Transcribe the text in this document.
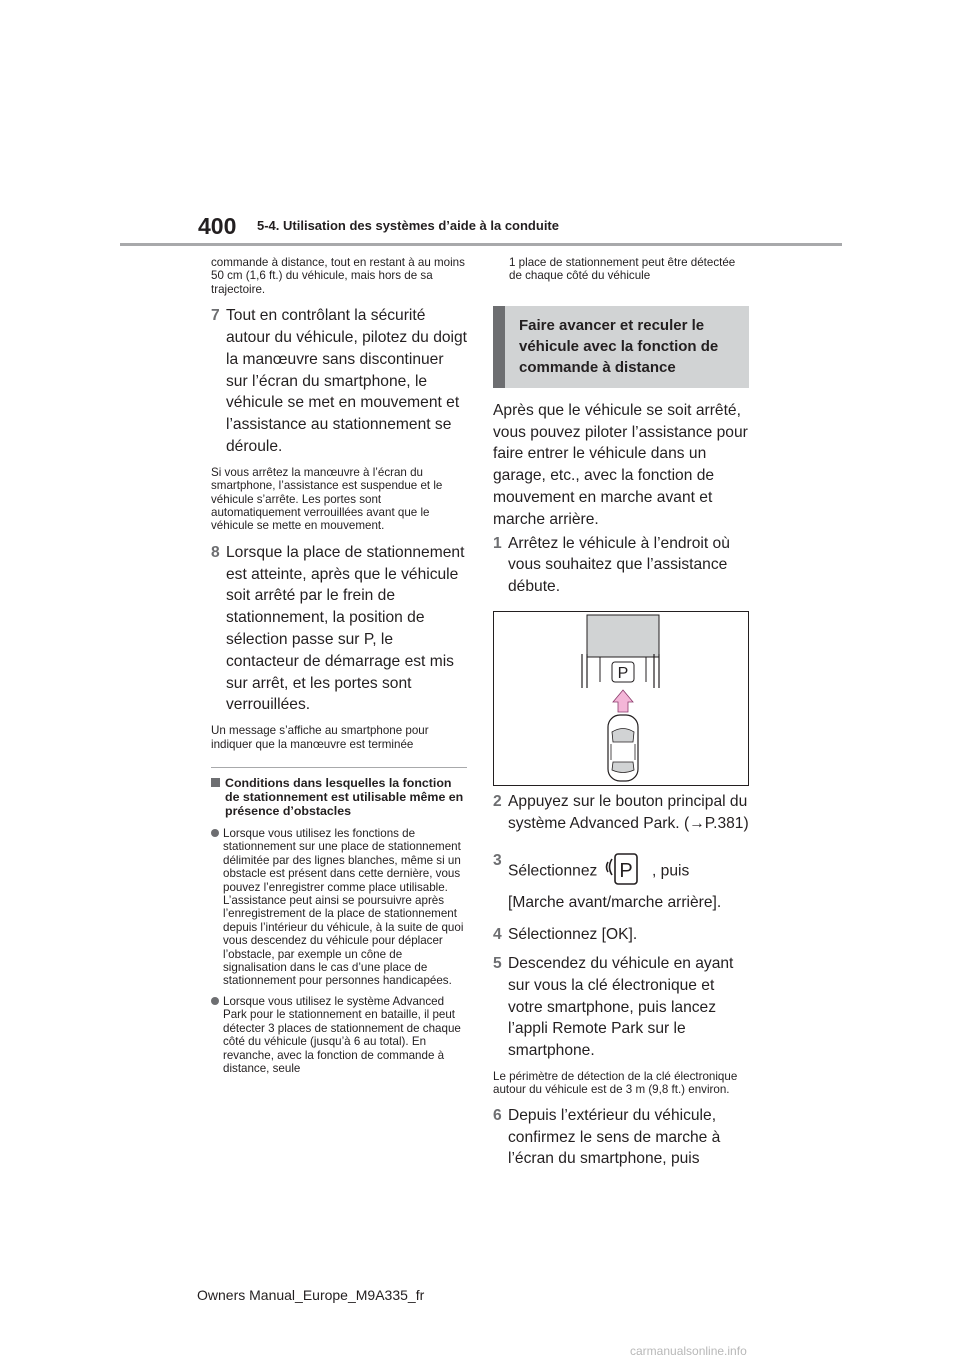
400 5-4. Utilisation des systèmes d’aide à la conduite

commande à distance, tout en restant à au moins 50 cm (1,6 ft.) du véhicule, mais hors de sa trajectoire.

7 Tout en contrôlant la sécurité autour du véhicule, pilotez du doigt la manœuvre sans discontinuer sur l’écran du smartphone, le véhicule se met en mouvement et l’assistance au stationnement se déroule.

Si vous arrêtez la manœuvre à l’écran du smartphone, l’assistance est suspendue et le véhicule s’arrête. Les portes sont automatiquement verrouillées avant que le véhicule se mette en mouvement.

8 Lorsque la place de stationnement est atteinte, après que le véhicule soit arrêté par le frein de stationnement, la position de sélection passe sur P, le contacteur de démarrage est mis sur arrêt, et les portes sont verrouillées.

Un message s’affiche au smartphone pour indiquer que la manœuvre est terminée

Conditions dans lesquelles la fonction de stationnement est utilisable même en présence d’obstacles
Lorsque vous utilisez les fonctions de stationnement sur une place de stationnement délimitée par des lignes blanches, même si un obstacle est présent dans cette dernière, vous pouvez l’enregistrer comme place utilisable. L’assistance peut ainsi se poursuivre après l’enregistrement de la place de stationnement depuis l’intérieur du véhicule, à la suite de quoi vous descendez du véhicule pour déplacer l’obstacle, par exemple un cône de signalisation dans le cas d’une place de stationnement pour personnes handicapées.
Lorsque vous utilisez le système Advanced Park pour le stationnement en bataille, il peut détecter 3 places de stationnement de chaque côté du véhicule (jusqu’à 6 au total). En revanche, avec la fonction de commande à distance, seule

1 place de stationnement peut être détectée de chaque côté du véhicule

Faire avancer et reculer le véhicule avec la fonction de commande à distance

Après que le véhicule se soit arrêté, vous pouvez piloter l’assistance pour faire entrer le véhicule dans un garage, etc., avec la fonction de mouvement en marche avant et marche arrière.

1 Arrêtez le véhicule à l’endroit où vous souhaitez que l’assistance débute.
P
2 Appuyez sur le bouton principal du système Advanced Park. (→P.381)
3
Sélectionnez P , puis [Marche avant/marche arrière].
4 Sélectionnez [OK].
5 Descendez du véhicule en ayant sur vous la clé électronique et votre smartphone, puis lancez l’appli Remote Park sur le smartphone.

Le périmètre de détection de la clé électronique autour du véhicule est de 3 m (9,8 ft.) environ.

6 Depuis l’extérieur du véhicule, confirmez le sens de marche à l’écran du smartphone, puis
Owners Manual_Europe_M9A335_fr
carmanualsonline.info
